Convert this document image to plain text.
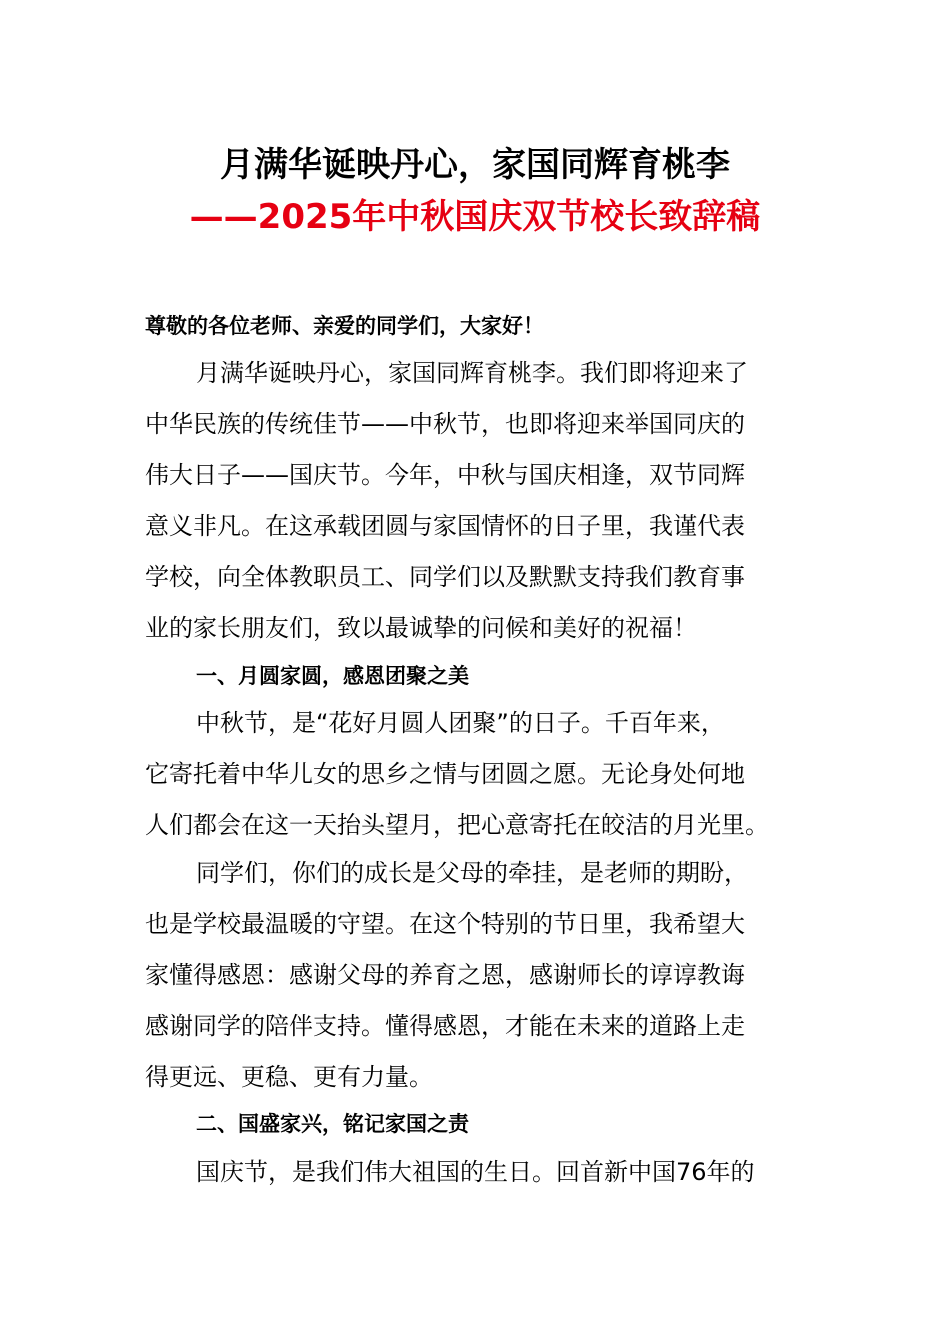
月满华诞映丹心，家国同辉育桃李
——2025年中秋国庆双节校长致辞稿
尊敬的各位老师、亲爱的同学们，大家好！
月满华诞映丹心，家国同辉育桃李。我们即将迎来了
中华民族的传统佳节——中秋节，也即将迎来举国同庆的
伟大日子——国庆节。今年，中秋与国庆相逢，双节同辉
意义非凡。在这承载团圆与家国情怀的日子里，我谨代表
学校，向全体教职员工、同学们以及默默支持我们教育事
业的家长朋友们，致以最诚挚的问候和美好的祝福！
一、月圆家圆，感恩团聚之美
中秋节，是“花好月圆人团聚”的日子。千百年来，
它寄托着中华儿女的思乡之情与团圆之愿。无论身处何地
人们都会在这一天抬头望月，把心意寄托在皎洁的月光里。
同学们，你们的成长是父母的牵挂，是老师的期盼，
也是学校最温暖的守望。在这个特别的节日里，我希望大
家懂得感恩：感谢父母的养育之恩，感谢师长的谆谆教诲
感谢同学的陪伴支持。懂得感恩，才能在未来的道路上走
得更远、更稳、更有力量。
二、国盛家兴，铭记家国之责
国庆节，是我们伟大祖国的生日。回首新中国76年的
